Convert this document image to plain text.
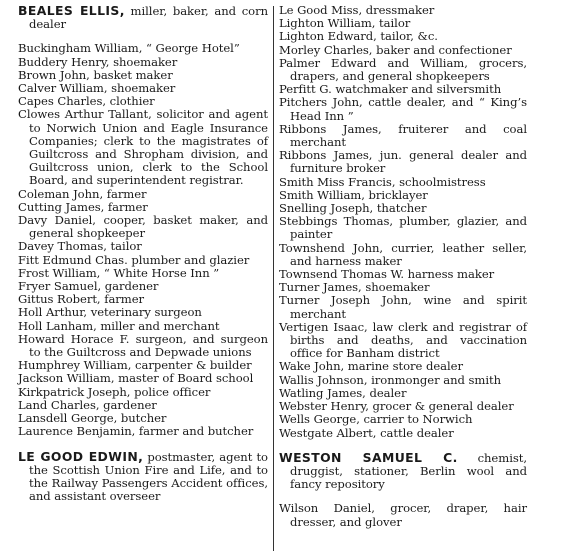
BEALES ELLIS, miller, baker, and corn dealer
Buckingham William, “ George Hotel”
Buddery Henry, shoemaker
Brown John, basket maker
Calver William, shoemaker
Capes Charles, clothier
Clowes Arthur Tallant, solicitor and agent to Norwich Union and Eagle Insurance Companies; clerk to the magistrates of Guiltcross and Shropham division, and Guiltcross union, clerk to the School Board, and superintendent registrar.
Coleman John, farmer
Cutting James, farmer
Davy Daniel, cooper, basket maker, and general shopkeeper
Davey Thomas, tailor
Fitt Edmund Chas. plumber and glazier
Frost William, “ White Horse Inn ”
Fryer Samuel, gardener
Gittus Robert, farmer
Holl Arthur, veterinary surgeon
Holl Lanham, miller and merchant
Howard Horace F. surgeon, and surgeon to the Guiltcross and Depwade unions
Humphrey William, carpenter & builder
Jackson William, master of Board school
Kirkpatrick Joseph, police officer
Land Charles, gardener
Lansdell George, butcher
Laurence Benjamin, farmer and butcher
LE GOOD EDWIN, postmaster, agent to the Scottish Union Fire and Life, and to the Railway Passengers Accident offices, and assistant overseer
Le Good Miss, dressmaker
Lighton William, tailor
Lighton Edward, tailor, &c.
Morley Charles, baker and confectioner
Palmer Edward and William, grocers, drapers, and general shopkeepers
Perfitt G. watchmaker and silversmith
Pitchers John, cattle dealer, and “ King’s Head Inn ”
Ribbons James, fruiterer and coal merchant
Ribbons James, jun. general dealer and furniture broker
Smith Miss Francis, schoolmistress
Smith William, bricklayer
Snelling Joseph, thatcher
Stebbings Thomas, plumber, glazier, and painter
Townshend John, currier, leather seller, and harness maker
Townsend Thomas W. harness maker
Turner James, shoemaker
Turner Joseph John, wine and spirit merchant
Vertigen Isaac, law clerk and registrar of births and deaths, and vaccination office for Banham district
Wake John, marine store dealer
Wallis Johnson, ironmonger and smith
Watling James, dealer
Webster Henry, grocer & general dealer
Wells George, carrier to Norwich
Westgate Albert, cattle dealer
WESTON SAMUEL C. chemist, druggist, stationer, Berlin wool and fancy repository
Wilson Daniel, grocer, draper, hair dresser, and glover
